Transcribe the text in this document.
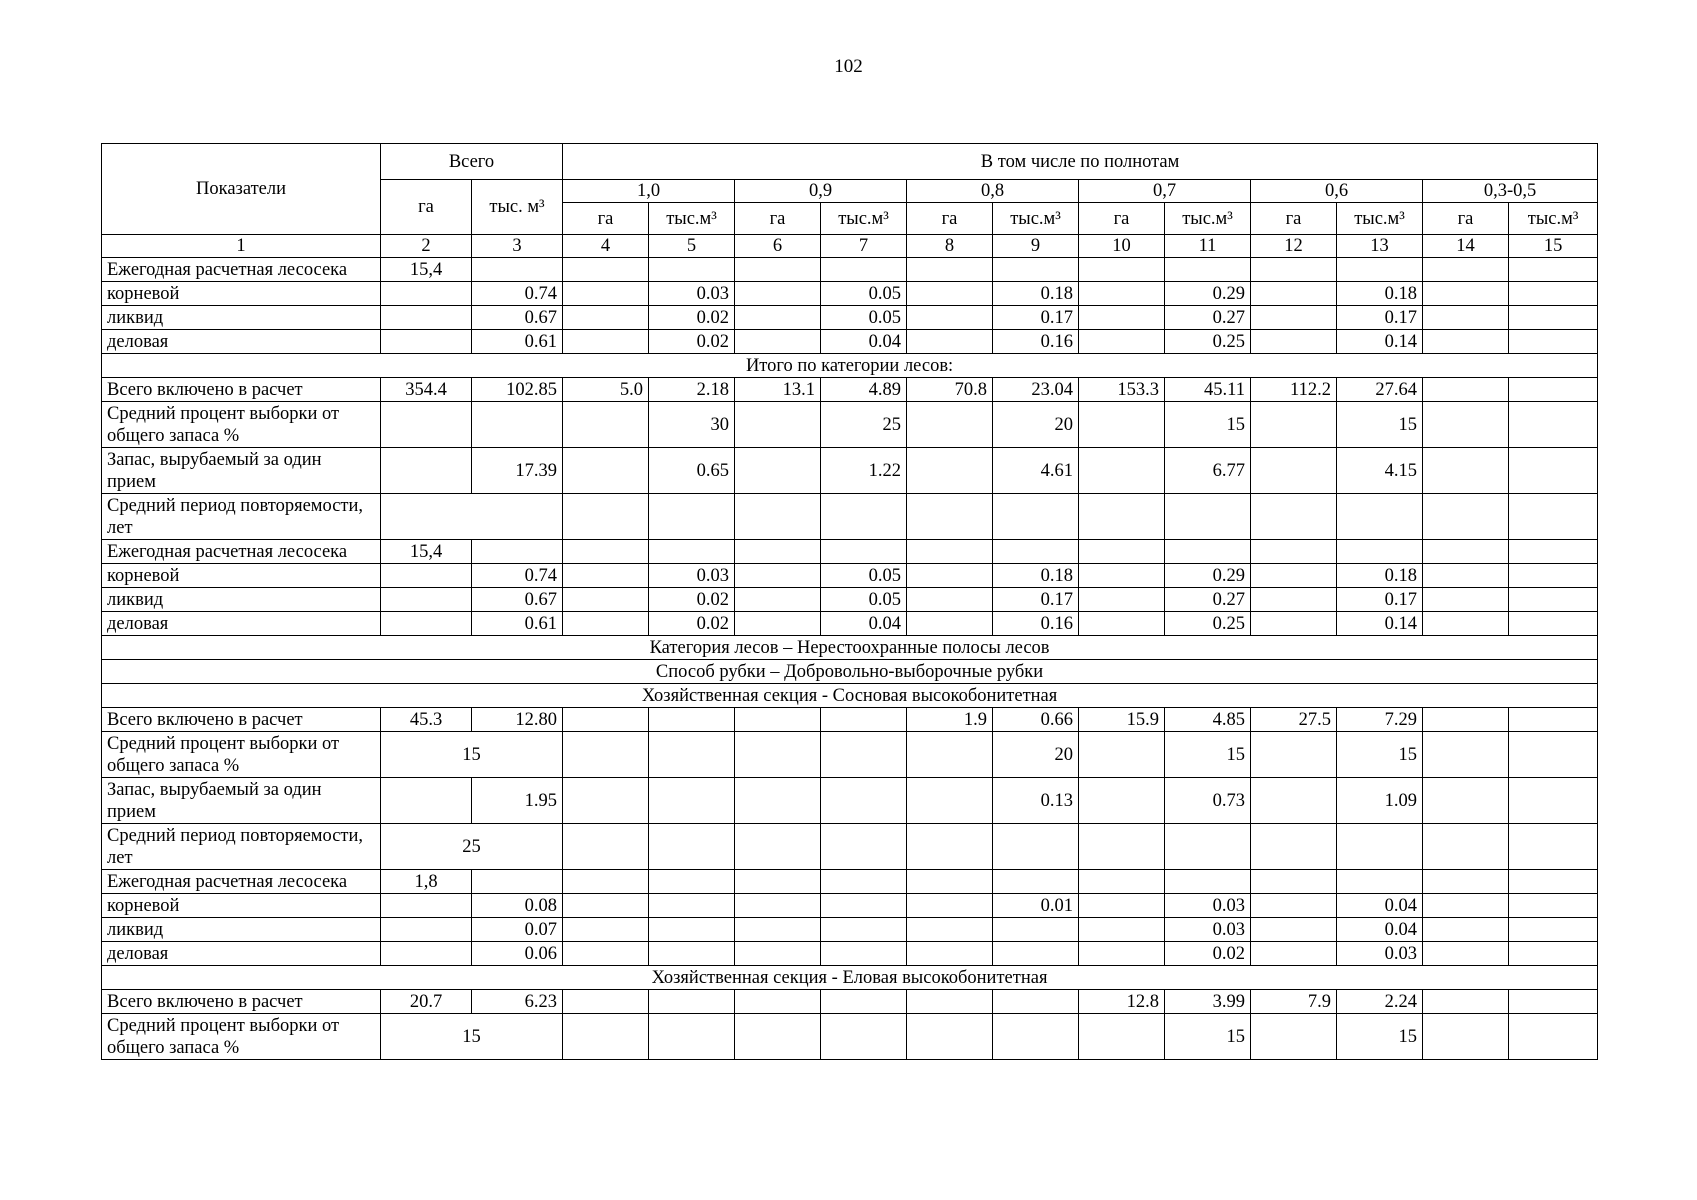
102
Показатели	Всего		В том числе по полнотам											
	га	тыс. м³	1,0		0,9		0,8		0,7		0,6		0,3-0,5	
			га	тыс.м³	га	тыс.м³	га	тыс.м³	га	тыс.м³	га	тыс.м³	га	тыс.м³
1	2	3	4	5	6	7	8	9	10	11	12	13	14	15
Ежегодная расчетная лесосека	15,4													
корневой		0.74		0.03		0.05		0.18		0.29		0.18		
ликвид		0.67		0.02		0.05		0.17		0.27		0.17		
деловая		0.61		0.02		0.04		0.16		0.25		0.14		
Итого по категории лесов:														
Всего включено в расчет	354.4	102.85	5.0	2.18	13.1	4.89	70.8	23.04	153.3	45.11	112.2	27.64		
Средний процент выборки от общего запаса %				30		25		20		15		15		
Запас, вырубаемый за один прием		17.39		0.65		1.22		4.61		6.77		4.15		
Средний период повторяемости, лет														
Ежегодная расчетная лесосека	15,4													
корневой		0.74		0.03		0.05		0.18		0.29		0.18		
ликвид		0.67		0.02		0.05		0.17		0.27		0.17		
деловая		0.61		0.02		0.04		0.16		0.25		0.14		
Категория лесов – Нерестоохранные полосы лесов														
Способ рубки – Добровольно-выборочные рубки														
Хозяйственная секция - Сосновая высокобонитетная														
Всего включено в расчет	45.3	12.80					1.9	0.66	15.9	4.85	27.5	7.29		
Средний процент выборки от общего запаса %	15							20		15		15		
Запас, вырубаемый за один прием		1.95						0.13		0.73		1.09		
Средний период повторяемости, лет	25													
Ежегодная расчетная лесосека	1,8													
корневой		0.08						0.01		0.03		0.04		
ликвид		0.07								0.03		0.04		
деловая		0.06								0.02		0.03		
Хозяйственная секция - Еловая высокобонитетная														
Всего включено в расчет	20.7	6.23							12.8	3.99	7.9	2.24		
Средний процент выборки от общего запаса %	15									15		15		
